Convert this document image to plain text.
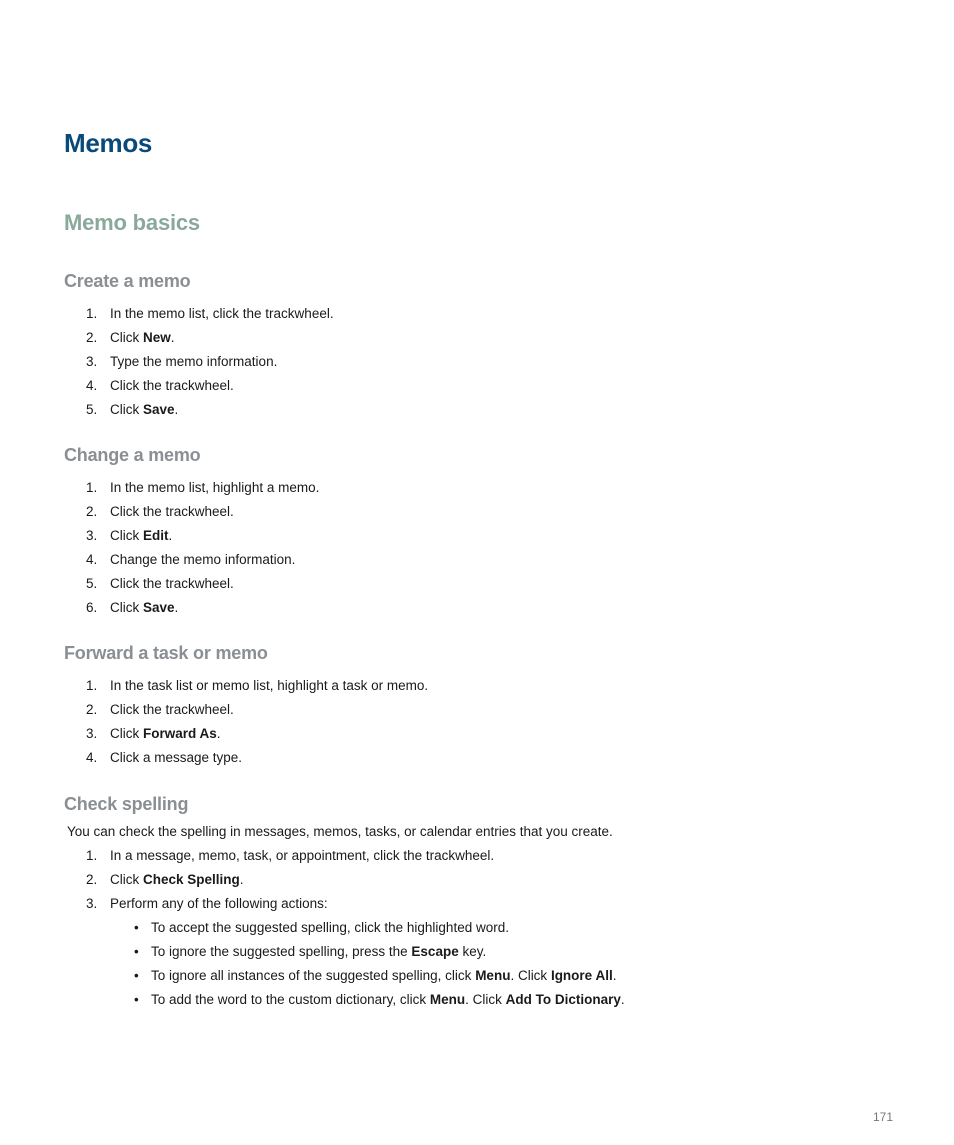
Memos
Memo basics
Create a memo
1. In the memo list, click the trackwheel.
2. Click New.
3. Type the memo information.
4. Click the trackwheel.
5. Click Save.
Change a memo
1. In the memo list, highlight a memo.
2. Click the trackwheel.
3. Click Edit.
4. Change the memo information.
5. Click the trackwheel.
6. Click Save.
Forward a task or memo
1. In the task list or memo list, highlight a task or memo.
2. Click the trackwheel.
3. Click Forward As.
4. Click a message type.
Check spelling
You can check the spelling in messages, memos, tasks, or calendar entries that you create.
1. In a message, memo, task, or appointment, click the trackwheel.
2. Click Check Spelling.
3. Perform any of the following actions:
• To accept the suggested spelling, click the highlighted word.
• To ignore the suggested spelling, press the Escape key.
• To ignore all instances of the suggested spelling, click Menu. Click Ignore All.
• To add the word to the custom dictionary, click Menu. Click Add To Dictionary.
171
